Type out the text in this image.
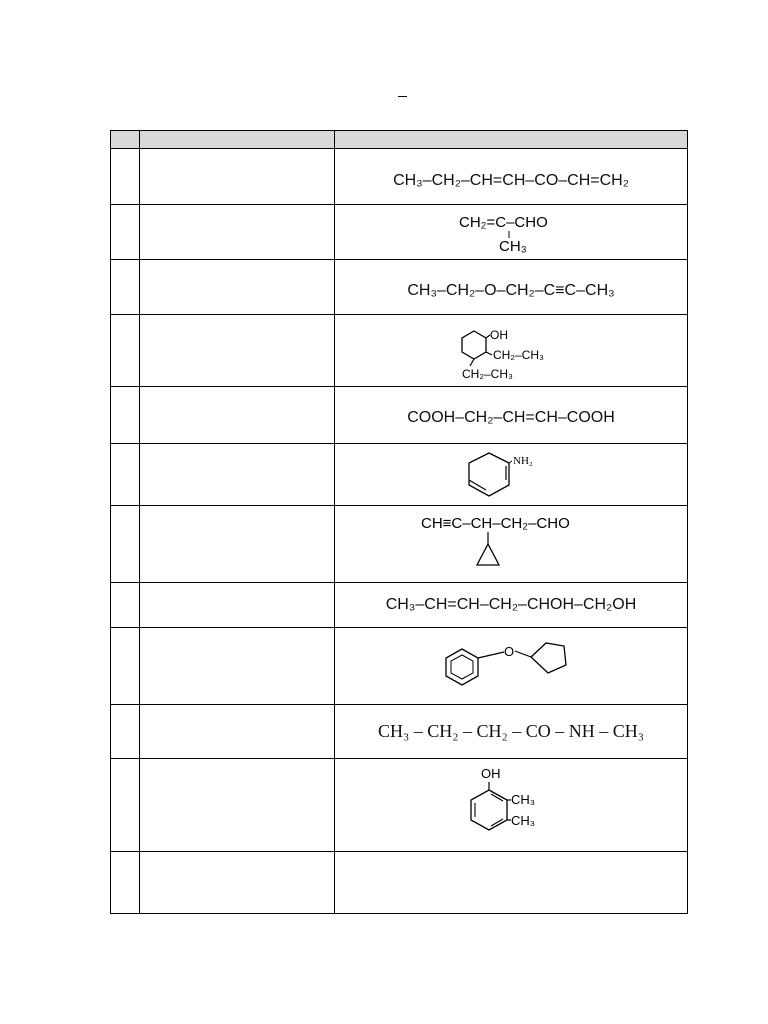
		CH₃–CH₂–CH=CH–CO–CH=CH₂

CH₂=C–CHO
CH₃

		CH₃–CH₂–O–CH₂–C≡C–CH₃

OH
CH₂–CH₃
CH₂–CH₃

		COOH–CH₂–CH=CH–COOH

NH₂

CH≡C–CH–CH₂–CHO

		CH₃–CH=CH–CH₂–CHOH–CH₂OH

O

		CH₃ – CH₂ – CH₂ – CO – NH – CH₃

OH
CH₃
CH₃
